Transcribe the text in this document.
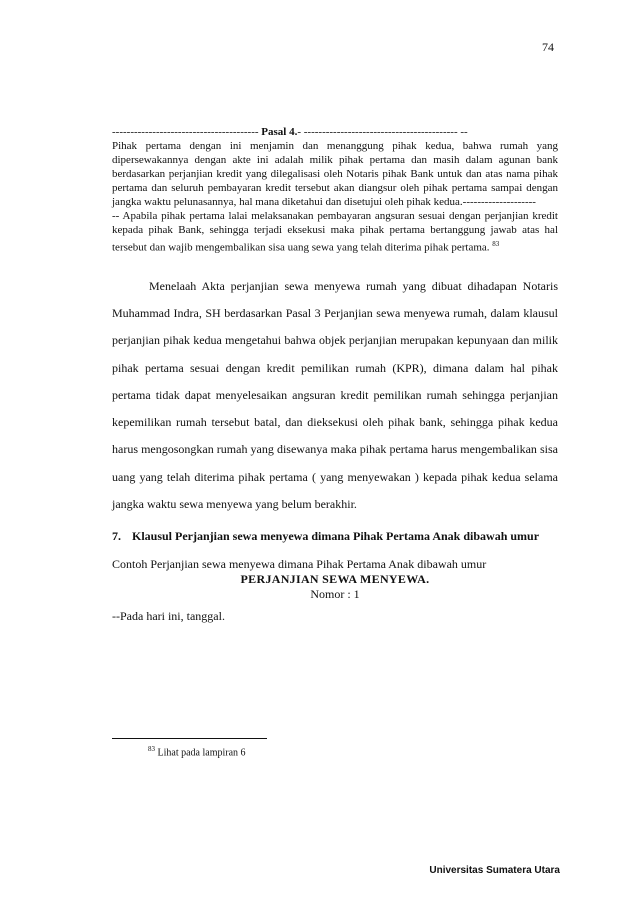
74
---------------------------------------- Pasal 4.- ------------------------------------------ --

Pihak pertama dengan ini menjamin dan menanggung pihak kedua, bahwa rumah yang dipersewakannya dengan akte ini adalah milik pihak pertama dan masih dalam agunan bank berdasarkan perjanjian kredit yang dilegalisasi oleh Notaris pihak Bank untuk dan atas nama pihak pertama dan seluruh pembayaran kredit tersebut akan diangsur oleh pihak pertama sampai dengan jangka waktu pelunasannya, hal mana diketahui dan disetujui oleh pihak kedua.--------------------

-- Apabila pihak pertama lalai melaksanakan pembayaran angsuran sesuai dengan perjanjian kredit kepada pihak Bank, sehingga terjadi eksekusi maka pihak pertama bertanggung jawab atas hal tersebut dan wajib mengembalikan sisa uang sewa yang telah diterima pihak pertama. $^{83}$

Menelaah Akta perjanjian sewa menyewa rumah yang dibuat dihadapan Notaris Muhammad Indra, SH berdasarkan Pasal 3 Perjanjian sewa menyewa rumah, dalam klausul perjanjian pihak kedua mengetahui bahwa objek perjanjian merupakan kepunyaan dan milik pihak pertama sesuai dengan kredit pemilikan rumah (KPR), dimana dalam hal pihak pertama tidak dapat menyelesaikan angsuran kredit pemilikan rumah sehingga perjanjian kepemilikan rumah tersebut batal, dan dieksekusi oleh pihak bank, sehingga pihak kedua harus mengosongkan rumah yang disewanya maka pihak pertama harus mengembalikan sisa uang yang telah diterima pihak pertama ( yang menyewakan ) kepada pihak kedua selama jangka waktu sewa menyewa yang belum berakhir.

7. Klausul Perjanjian sewa menyewa dimana Pihak Pertama Anak dibawah umur
Contoh Perjanjian sewa menyewa dimana Pihak Pertama Anak dibawah umur
PERJANJIAN SEWA MENYEWA.
Nomor : 1
--Pada hari ini, tanggal.
$^{83}$ Lihat pada lampiran 6
Universitas Sumatera Utara
